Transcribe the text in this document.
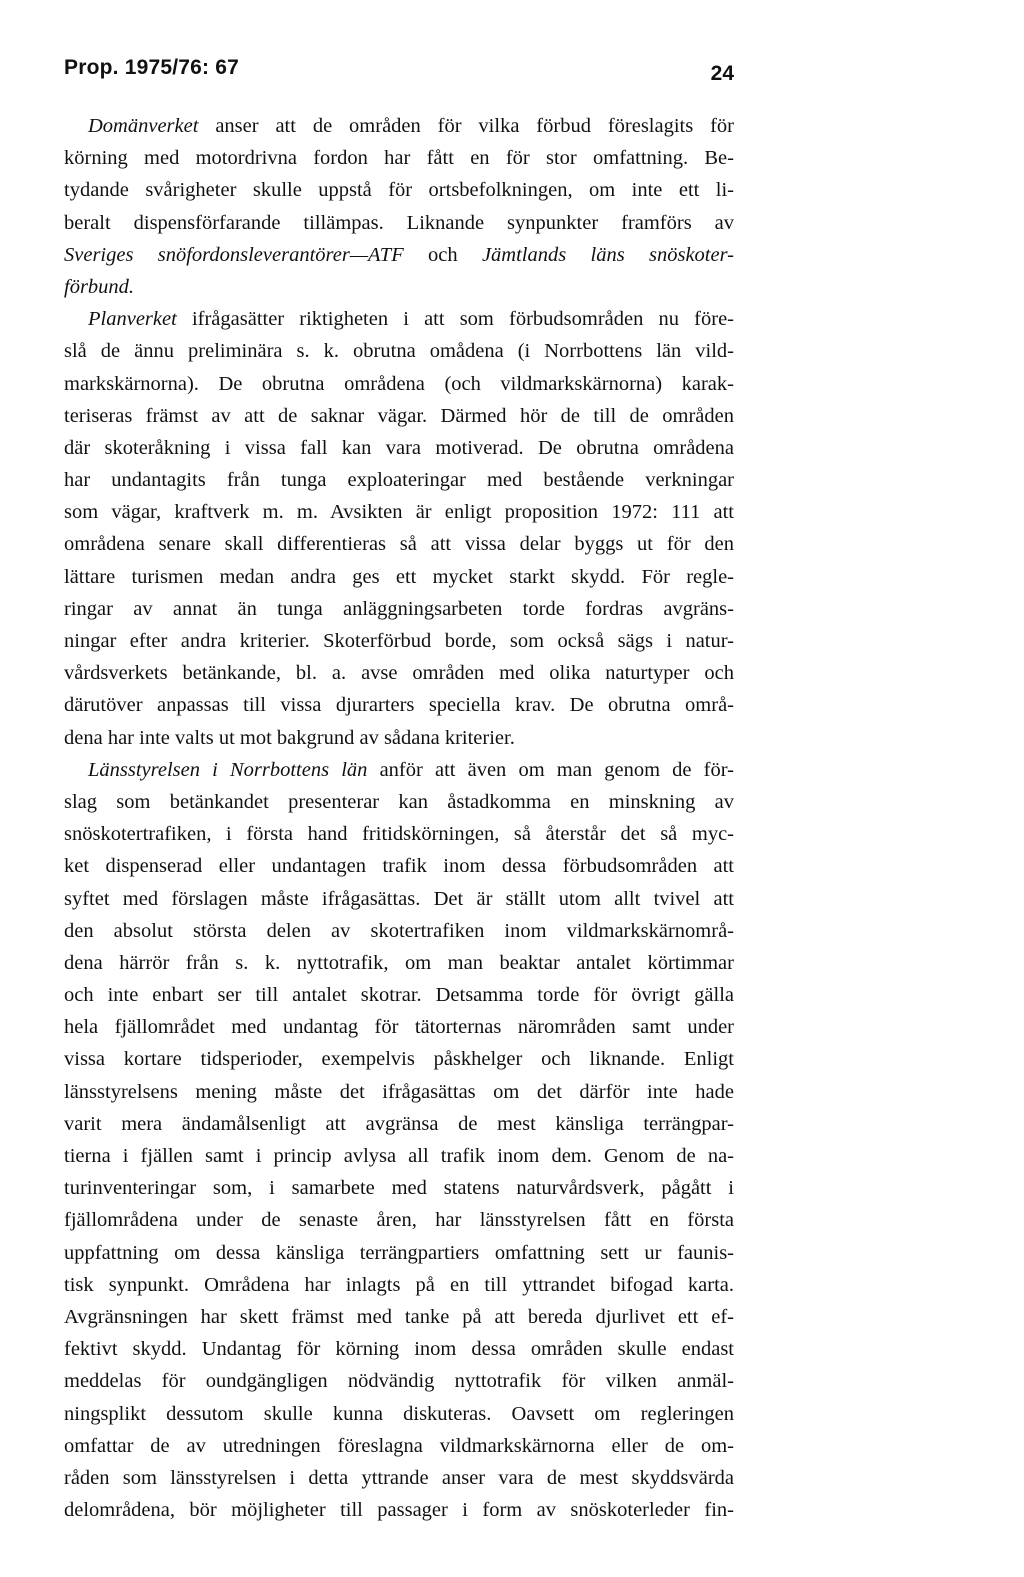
Prop. 1975/76: 67	24
Domänverket anser att de områden för vilka förbud föreslagits för
körning med motordrivna fordon har fått en för stor omfattning. Be-
tydande svårigheter skulle uppstå för ortsbefolkningen, om inte ett li-
beralt dispensförfarande tillämpas. Liknande synpunkter framförs av
Sveriges snöfordonsleverantörer—ATF och Jämtlands läns snöskoter-
förbund.
Planverket ifrågasätter riktigheten i att som förbudsområden nu före-
slå de ännu preliminära s. k. obrutna omådena (i Norrbottens län vild-
markskärnorna). De obrutna områdena (och vildmarkskärnorna) karak-
teriseras främst av att de saknar vägar. Därmed hör de till de områden
där skoteråkning i vissa fall kan vara motiverad. De obrutna områdena
har undantagits från tunga exploateringar med bestående verkningar
som vägar, kraftverk m. m. Avsikten är enligt proposition 1972: 111 att
områdena senare skall differentieras så att vissa delar byggs ut för den
lättare turismen medan andra ges ett mycket starkt skydd. För regle-
ringar av annat än tunga anläggningsarbeten torde fordras avgräns-
ningar efter andra kriterier. Skoterförbud borde, som också sägs i natur-
vårdsverkets betänkande, bl. a. avse områden med olika naturtyper och
därutöver anpassas till vissa djurarters speciella krav. De obrutna områ-
dena har inte valts ut mot bakgrund av sådana kriterier.
Länsstyrelsen i Norrbottens län anför att även om man genom de för-
slag som betänkandet presenterar kan åstadkomma en minskning av
snöskotertrafiken, i första hand fritidskörningen, så återstår det så myc-
ket dispenserad eller undantagen trafik inom dessa förbudsområden att
syftet med förslagen måste ifrågasättas. Det är ställt utom allt tvivel att
den absolut största delen av skotertrafiken inom vildmarkskärnområ-
dena härrör från s. k. nyttotrafik, om man beaktar antalet körtimmar
och inte enbart ser till antalet skotrar. Detsamma torde för övrigt gälla
hela fjällområdet med undantag för tätorternas närområden samt under
vissa kortare tidsperioder, exempelvis påskhelger och liknande. Enligt
länsstyrelsens mening måste det ifrågasättas om det därför inte hade
varit mera ändamålsenligt att avgränsa de mest känsliga terrängpar-
tierna i fjällen samt i princip avlysa all trafik inom dem. Genom de na-
turinventeringar som, i samarbete med statens naturvårdsverk, pågått i
fjällområdena under de senaste åren, har länsstyrelsen fått en första
uppfattning om dessa känsliga terrängpartiers omfattning sett ur faunis-
tisk synpunkt. Områdena har inlagts på en till yttrandet bifogad karta.
Avgränsningen har skett främst med tanke på att bereda djurlivet ett ef-
fektivt skydd. Undantag för körning inom dessa områden skulle endast
meddelas för oundgängligen nödvändig nyttotrafik för vilken anmäl-
ningsplikt dessutom skulle kunna diskuteras. Oavsett om regleringen
omfattar de av utredningen föreslagna vildmarkskärnorna eller de om-
råden som länsstyrelsen i detta yttrande anser vara de mest skyddsvärda
delområdena, bör möjligheter till passager i form av snöskoterleder fin-
